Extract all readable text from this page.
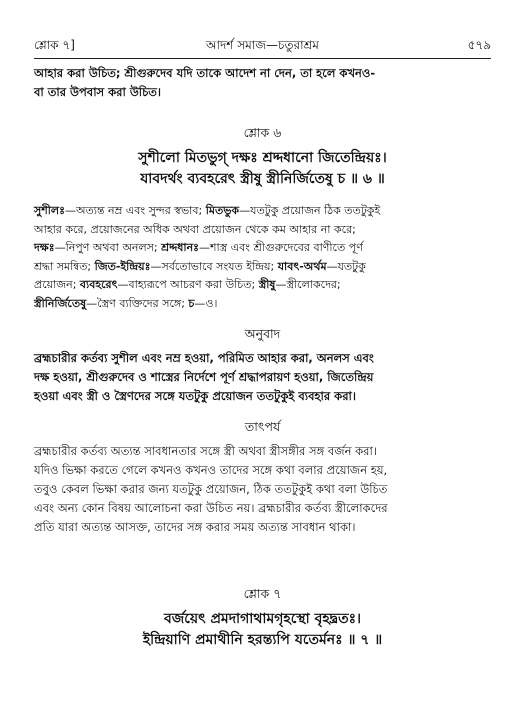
শ্লোক ৭]	আদর্শ সমাজ—চতুরাশ্রম	৫৭৯

আহার করা উচিত; শ্রীগুরুদেব যদি তাকে আদেশ না দেন, তা হলে কখনও-

বা তার উপবাস করা উচিত।

শ্লোক ৬

সুশীলো মিতভুগ্ দক্ষঃ শ্রদ্দধানো জিতেন্দ্রিয়ঃ।

যাবদর্থং ব্যবহরেৎ স্ত্রীষু স্ত্রীনির্জিতেষু চ ॥ ৬ ॥

সুশীলঃ—অত্যন্ত নম্র এবং সুন্দর স্বভাব; মিতভুক—যতটুকু প্রয়োজন ঠিক ততটুকুই

আহার করে, প্রয়োজনের অধিক অথবা প্রয়োজন থেকে কম আহার না করে;

দক্ষঃ—নিপুণ অথবা অনলস; শ্রদ্দধানঃ—শাস্ত্র এবং শ্রীগুরুদেবের বাণীতে পূর্ণ

শ্রদ্ধা সমন্বিত; জিত-ইন্দ্রিয়ঃ—সর্বতোভাবে সংযত ইন্দ্রিয়; যাবৎ-অর্থম—যতটুকু

প্রয়োজন; ব্যবহরেৎ—বাহ্যরূপে আচরণ করা উচিত; স্ত্রীষু—স্ত্রীলোকদের;

স্ত্রীনির্জিতেষু—স্ত্রৈণ ব্যক্তিদের সঙ্গে; চ—ও।

অনুবাদ

ব্রহ্মচারীর কর্তব্য সুশীল এবং নম্র হওয়া, পরিমিত আহার করা, অনলস এবং

দক্ষ হওয়া, শ্রীগুরুদেব ও শাস্ত্রের নির্দেশে পূর্ণ শ্রদ্ধাপরায়ণ হওয়া, জিতেন্দ্রিয়

হওয়া এবং স্ত্রী ও স্ত্রৈণদের সঙ্গে যতটুকু প্রয়োজন ততটুকুই ব্যবহার করা।

তাৎপর্য

ব্রহ্মচারীর কর্তব্য অত্যন্ত সাবধানতার সঙ্গে স্ত্রী অথবা স্ত্রীসঙ্গীর সঙ্গ বর্জন করা।

যদিও ভিক্ষা করতে গেলে কখনও কখনও তাদের সঙ্গে কথা বলার প্রয়োজন হয়,

তবুও কেবল ভিক্ষা করার জন্য যতটুকু প্রয়োজন, ঠিক ততটুকুই কথা বলা উচিত

এবং অন্য কোন বিষয় আলোচনা করা উচিত নয়। ব্রহ্মচারীর কর্তব্য স্ত্রীলোকদের

প্রতি যারা অত্যন্ত আসক্ত, তাদের সঙ্গ করার সময় অত্যন্ত সাবধান থাকা।

শ্লোক ৭

বর্জয়েৎ প্রমদাগাথামগৃহস্থো বৃহদ্ব্রতঃ।

ইন্দ্রিয়াণি প্রমাথীনি হরন্ত্যপি যতের্মনঃ ॥ ৭ ॥
